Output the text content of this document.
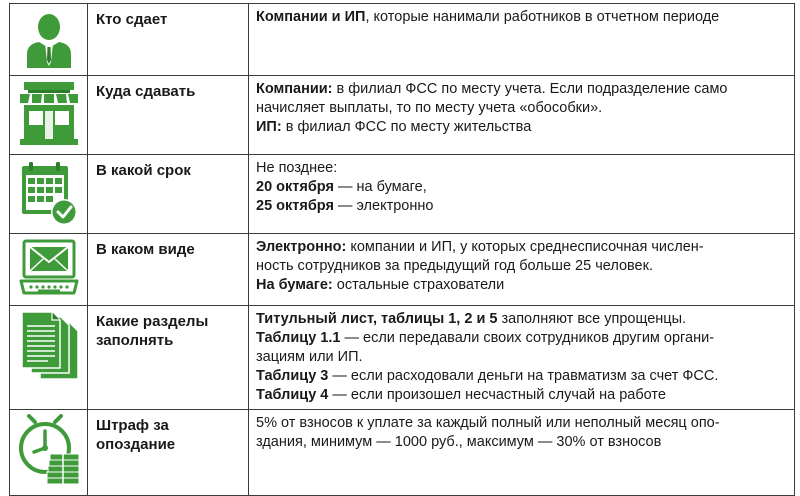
	Кто сдает	Компании и ИП, которые нанимали работников в отчетном периоде

	Куда сдавать	Компании: в филиал ФСС по месту учета. Если подразделение само
начисляет выплаты, то по месту учета «обособки».
ИП: в филиал ФСС по месту жительства

	В какой срок	Не позднее:
20 октября — на бумаге,
25 октября — электронно

	В каком виде	Электронно: компании и ИП, у которых среднесписочная числен-
ность сотрудников за предыдущий год больше 25 человек.
На бумаге: остальные страхователи

	Какие разделы заполнять	Титульный лист, таблицы 1, 2 и 5 заполняют все упрощенцы.
Таблицу 1.1 — если передавали своих сотрудников другим органи-
зациям или ИП.
Таблицу 3 — если расходовали деньги на травматизм за счет ФСС.
Таблицу 4 — если произошел несчастный случай на работе

	Штраф за опоздание	5% от взносов к уплате за каждый полный или неполный месяц опо-
здания, минимум — 1000 руб., максимум — 30% от взносов
